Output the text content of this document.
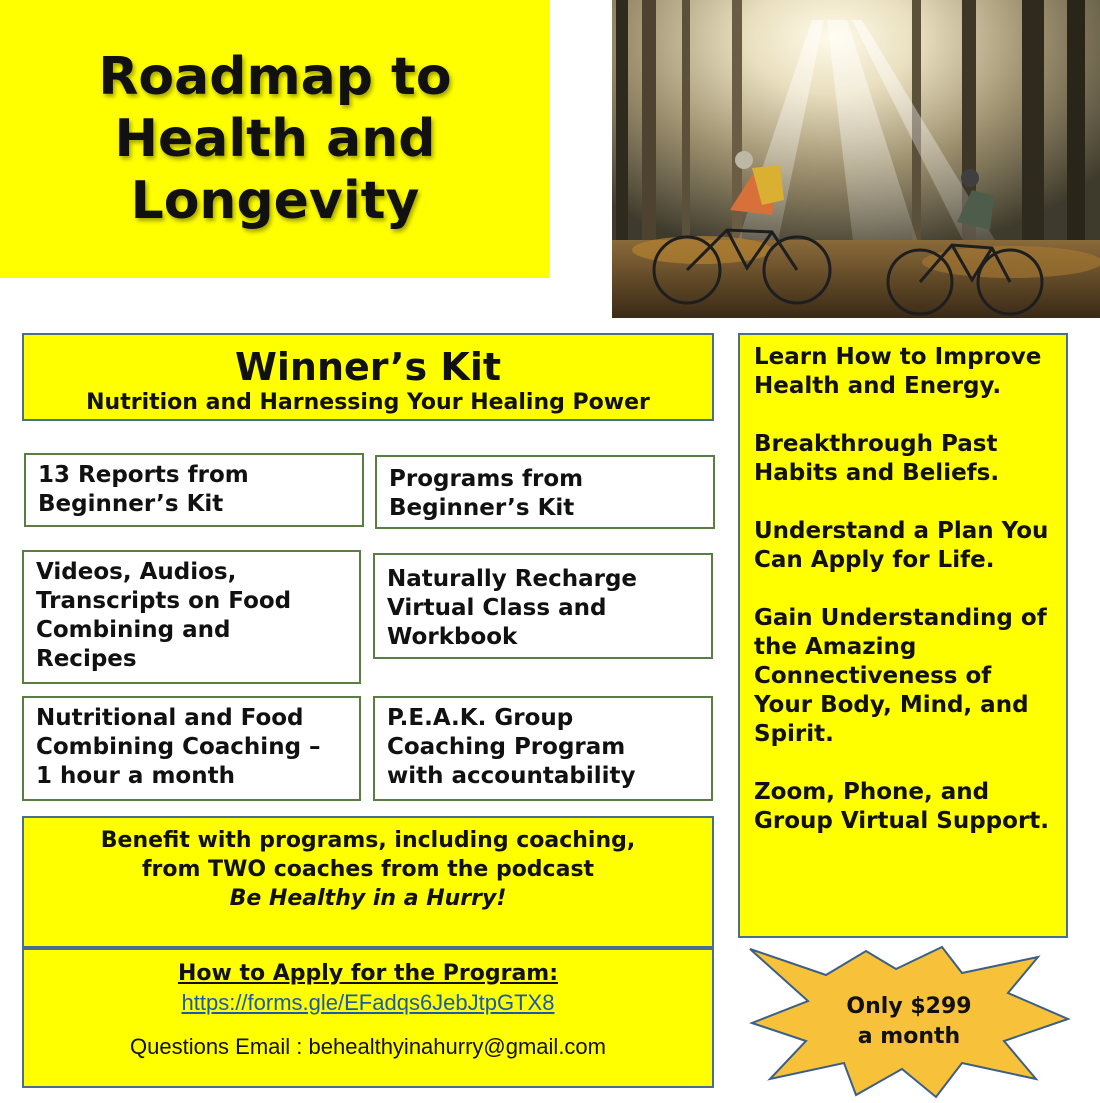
Roadmap to
Health and
Longevity
Winner’s Kit
Nutrition and Harnessing Your Healing Power
13 Reports from
Beginner’s Kit
Programs from
Beginner’s Kit
Videos, Audios,
Transcripts on Food
Combining and
Recipes
Naturally Recharge
Virtual Class and
Workbook
Nutritional and Food
Combining Coaching –
1 hour a month
P.E.A.K. Group
Coaching Program
with accountability
Benefit with programs, including coaching,
from TWO coaches from the podcast
Be Healthy in a Hurry!
How to Apply for the Program:
https://forms.gle/EFadqs6JebJtpGTX8
Questions Email : behealthyinahurry@gmail.com

Learn How to Improve Health and Energy.

Breakthrough Past Habits and Beliefs.

Understand a Plan You Can Apply for Life.

Gain Understanding of the Amazing Connectiveness of Your Body, Mind, and Spirit.

Zoom, Phone, and Group Virtual Support.

Only $299
a month
